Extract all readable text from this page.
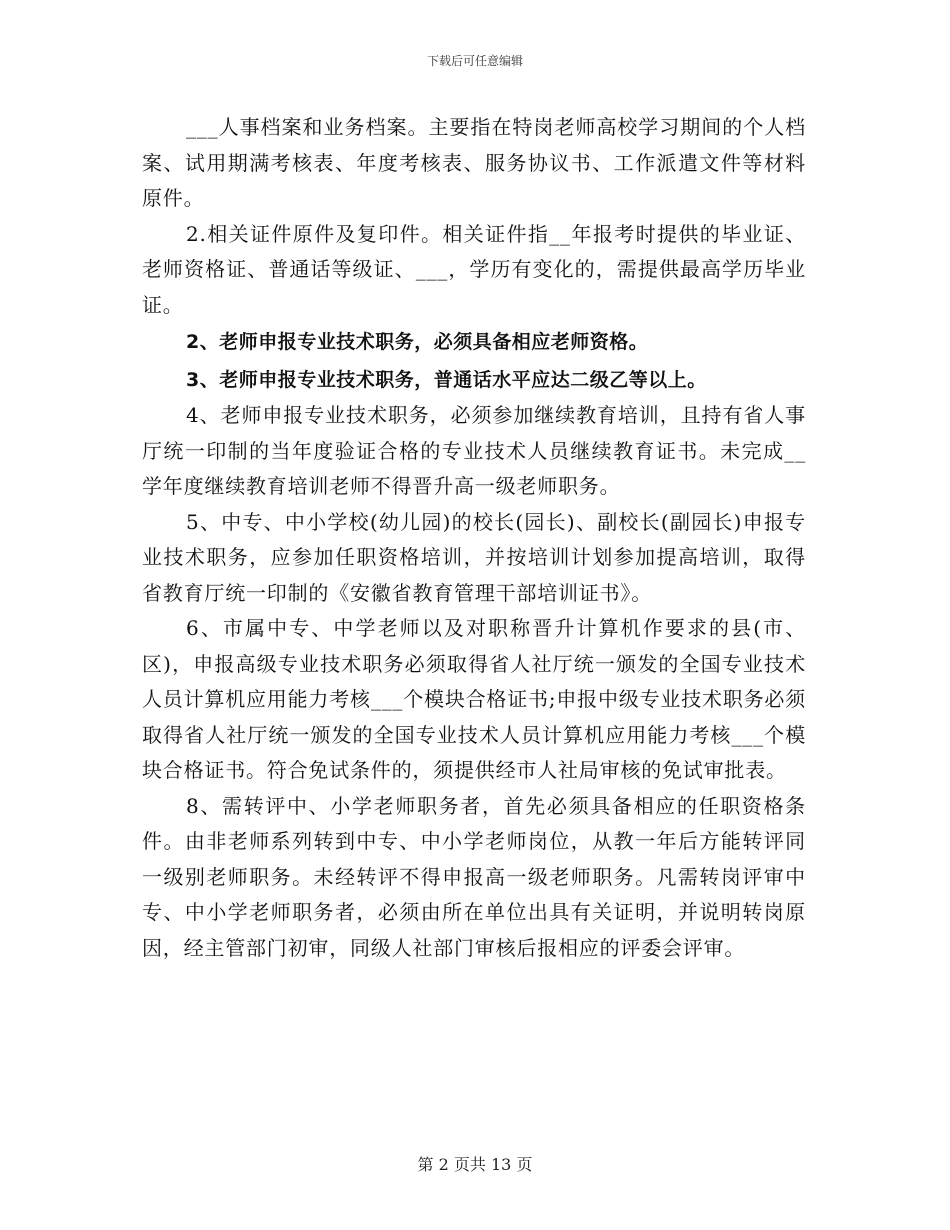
下载后可任意编辑

___人事档案和业务档案。主要指在特岗老师高校学习期间的个人档案、试用期满考核表、年度考核表、服务协议书、工作派遣文件等材料原件。

2.相关证件原件及复印件。相关证件指__年报考时提供的毕业证、老师资格证、普通话等级证、___，学历有变化的，需提供最高学历毕业证。

2、老师申报专业技术职务，必须具备相应老师资格。

3、老师申报专业技术职务，普通话水平应达二级乙等以上。

4、老师申报专业技术职务，必须参加继续教育培训，且持有省人事厅统一印制的当年度验证合格的专业技术人员继续教育证书。未完成__学年度继续教育培训老师不得晋升高一级老师职务。

5、中专、中小学校(幼儿园)的校长(园长)、副校长(副园长)申报专业技术职务，应参加任职资格培训，并按培训计划参加提高培训，取得省教育厅统一印制的《安徽省教育管理干部培训证书》。

6、市属中专、中学老师以及对职称晋升计算机作要求的县(市、区)，申报高级专业技术职务必须取得省人社厅统一颁发的全国专业技术人员计算机应用能力考核___个模块合格证书;申报中级专业技术职务必须取得省人社厅统一颁发的全国专业技术人员计算机应用能力考核___个模块合格证书。符合免试条件的，须提供经市人社局审核的免试审批表。

8、需转评中、小学老师职务者，首先必须具备相应的任职资格条件。由非老师系列转到中专、中小学老师岗位，从教一年后方能转评同一级别老师职务。未经转评不得申报高一级老师职务。凡需转岗评审中专、中小学老师职务者，必须由所在单位出具有关证明，并说明转岗原因，经主管部门初审，同级人社部门审核后报相应的评委会评审。

第 2 页共 13 页
